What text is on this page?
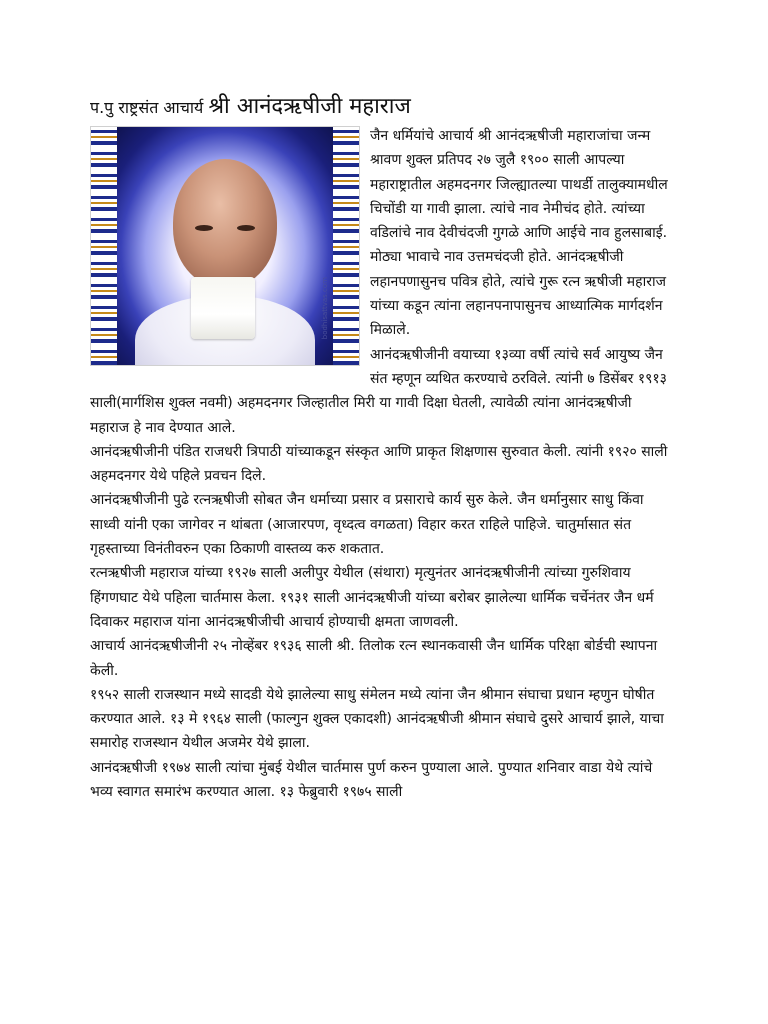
प.पु राष्ट्रसंत आचार्य श्री आनंदऋषीजी महाराज
bodhisattvas.com

जैन धर्मियांचे आचार्य श्री आनंदऋषीजी महाराजांचा जन्म श्रावण शुक्ल प्रतिपद २७ जुलै १९०० साली आपल्या महाराष्ट्रातील अहमदनगर जिल्ह्यातल्या पाथर्डी तालुक्यामधील चिचोंडी या गावी झाला. त्यांचे नाव नेमीचंद होते. त्यांच्या वडिलांचे नाव देवीचंदजी गुगळे आणि आईचे नाव हुलसाबाई. मोठ्या भावाचे नाव उत्तमचंदजी होते. आनंदऋषीजी लहानपणासुनच पवित्र होते, त्यांचे गुरू रत्न ऋषीजी महाराज यांच्या कडून त्यांना लहानपनापासुनच आध्यात्मिक मार्गदर्शन मिळाले.

आनंदऋषीजीनी वयाच्या १३व्या वर्षी त्यांचे सर्व आयुष्य जैन संत म्हणून व्यथित करण्याचे ठरविले. त्यांनी ७ डिसेंबर १९१३ साली(मार्गशिस शुक्ल नवमी) अहमदनगर जिल्हातील मिरी या गावी दिक्षा घेतली, त्यावेळी त्यांना आनंदऋषीजी महाराज हे नाव देण्यात आले.

आनंदऋषीजीनी पंडित राजधरी त्रिपाठी यांच्याकडून संस्कृत आणि प्राकृत शिक्षणास सुरुवात केली. त्यांनी १९२० साली अहमदनगर येथे पहिले प्रवचन दिले.

आनंदऋषीजीनी पुढे रत्नऋषीजी सोबत जैन धर्माच्या प्रसार व प्रसाराचे कार्य सुरु केले. जैन धर्मानुसार साधु किंवा साध्वी यांनी एका जागेवर न थांबता (आजारपण, वृध्दत्व वगळता) विहार करत राहिले पाहिजे. चातुर्मासात संत गृहस्ताच्या विनंतीवरुन एका ठिकाणी वास्तव्य करु शकतात.

रत्नऋषीजी महाराज यांच्या १९२७ साली अलीपुर येथील (संथारा) मृत्युनंतर आनंदऋषीजीनी त्यांच्या गुरुशिवाय हिंगणघाट येथे पहिला चार्तमास केला. १९३१ साली आनंदऋषीजी यांच्या बरोबर झालेल्या धार्मिक चर्चेनंतर जैन धर्म दिवाकर महाराज यांना आनंदऋषीजीची आचार्य होण्याची क्षमता जाणवली.

आचार्य आनंदऋषीजीनी २५ नोव्हेंबर १९३६ साली श्री. तिलोक रत्न स्थानकवासी जैन धार्मिक परिक्षा बोर्डची स्थापना केली.

१९५२ साली राजस्थान मध्ये सादडी येथे झालेल्या साधु संमेलन मध्ये त्यांना जैन श्रीमान संघाचा प्रधान म्हणुन घोषीत करण्यात आले. १३ मे १९६४ साली (फाल्गुन शुक्ल एकादशी) आनंदऋषीजी श्रीमान संघाचे दुसरे आचार्य झाले, याचा समारोह राजस्थान येथील अजमेर येथे झाला.

आनंदऋषीजी १९७४ साली त्यांचा मुंबई येथील चार्तमास पुर्ण करुन पुण्याला आले. पुण्यात शनिवार वाडा येथे त्यांचे भव्य स्वागत समारंभ करण्यात आला. १३ फेब्रुवारी १९७५ साली
